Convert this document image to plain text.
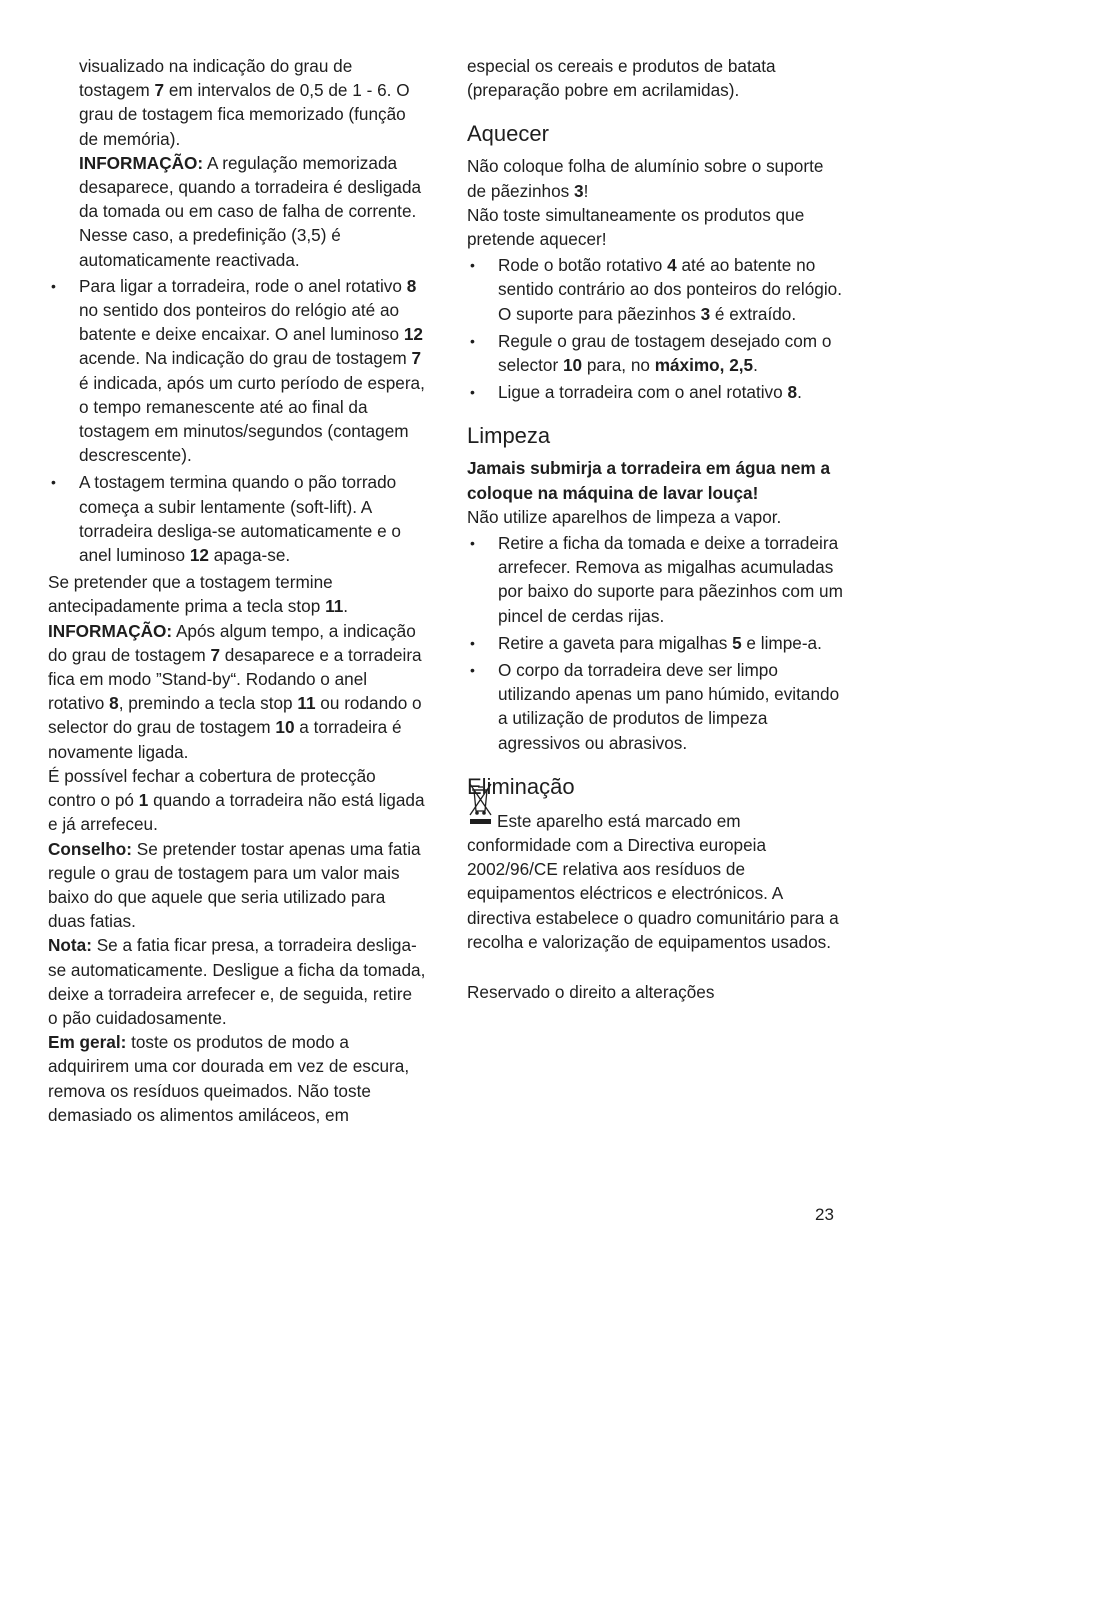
visualizado na indicação do grau de tostagem 7 em intervalos de 0,5 de 1 - 6. O grau de tostagem fica memorizado (função de memória).

INFORMAÇÃO: A regulação memorizada desaparece, quando a torradeira é desligada da tomada ou em caso de falha de corrente. Nesse caso, a predefinição (3,5) é automaticamente reactivada.

• Para ligar a torradeira, rode o anel rotativo 8 no sentido dos ponteiros do relógio até ao batente e deixe encaixar. O anel luminoso 12 acende. Na indicação do grau de tostagem 7 é indicada, após um curto período de espera, o tempo remanescente até ao final da tostagem em minutos/segundos (contagem descrescente).
• A tostagem termina quando o pão torrado começa a subir lentamente (soft-lift). A torradeira desliga-se automaticamente e o anel luminoso 12 apaga-se.

Se pretender que a tostagem termine antecipadamente prima a tecla stop 11.

INFORMAÇÃO: Após algum tempo, a indicação do grau de tostagem 7 desaparece e a torradeira fica em modo ”Stand-by“. Rodando o anel rotativo 8, premindo a tecla stop 11 ou rodando o selector do grau de tostagem 10 a torradeira é novamente ligada.

É possível fechar a cobertura de protecção contro o pó 1 quando a torradeira não está ligada e já arrefeceu.

Conselho: Se pretender tostar apenas uma fatia regule o grau de tostagem para um valor mais baixo do que aquele que seria utilizado para duas fatias.

Nota: Se a fatia ficar presa, a torradeira desliga-se automaticamente. Desligue a ficha da tomada, deixe a torradeira arrefecer e, de seguida, retire o pão cuidadosamente.

Em geral: toste os produtos de modo a adquirirem uma cor dourada em vez de escura, remova os resíduos queimados. Não toste demasiado os alimentos amiláceos, em

especial os cereais e produtos de batata (preparação pobre em acrilamidas).

Aquecer

Não coloque folha de alumínio sobre o suporte de pãezinhos 3!

Não toste simultaneamente os produtos que pretende aquecer!

• Rode o botão rotativo 4 até ao batente no sentido contrário ao dos ponteiros do relógio. O suporte para pãezinhos 3 é extraído.
• Regule o grau de tostagem desejado com o selector 10 para, no máximo, 2,5.
• Ligue a torradeira com o anel rotativo 8.
Limpeza

Jamais submirja a torradeira em água nem a coloque na máquina de lavar louça!

Não utilize aparelhos de limpeza a vapor.

• Retire a ficha da tomada e deixe a torradeira arrefecer. Remova as migalhas acumuladas por baixo do suporte para pãezinhos com um pincel de cerdas rijas.
• Retire a gaveta para migalhas 5 e limpe-a.
• O corpo da torradeira deve ser limpo utilizando apenas um pano húmido, evitando a utilização de produtos de limpeza agressivos ou abrasivos.
Eliminação

Este aparelho está marcado em

conformidade com a Directiva europeia 2002/96/CE relativa aos resíduos de equipamentos eléctricos e electrónicos. A directiva estabelece o quadro comunitário para a recolha e valorização de equipamentos usados.

Reservado o direito a alterações

23
